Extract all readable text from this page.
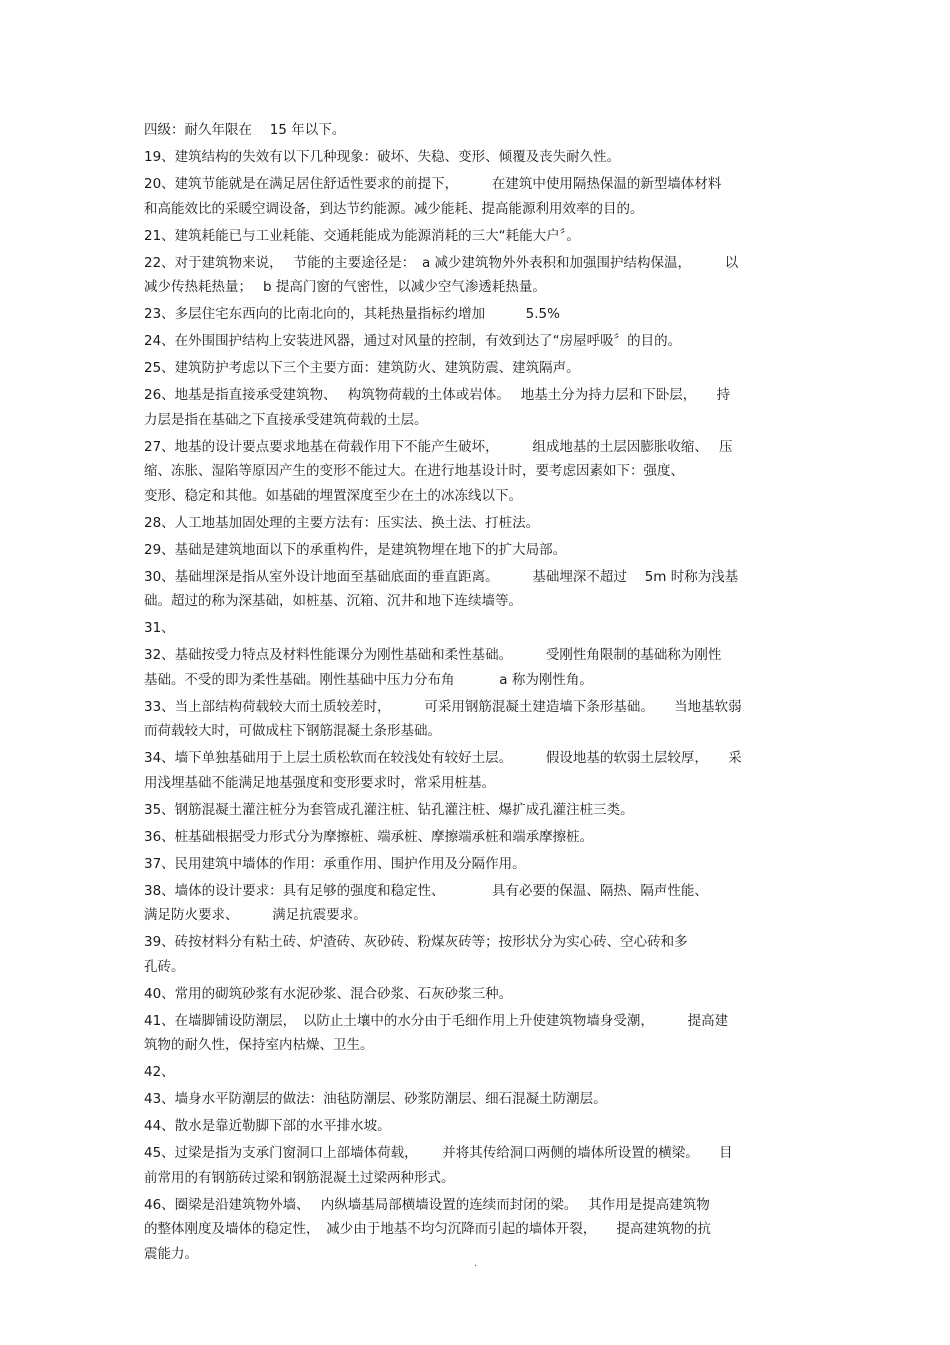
四级：耐久年限在　 15 年以下。
19、建筑结构的失效有以下几种现象：破坏、失稳、变形、倾覆及丧失耐久性。
20、建筑节能就是在满足居住舒适性要求的前提下，　　　在建筑中使用隔热保温的新型墙体材料
和高能效比的采暖空调设备，到达节约能源。减少能耗、提高能源利用效率的目的。
21、建筑耗能已与工业耗能、交通耗能成为能源消耗的三大“耗能大户〞。
22、对于建筑物来说，　 节能的主要途径是：　a 减少建筑物外外表积和加强围护结构保温，　　　以
减少传热耗热量；　 b 提高门窗的气密性，以减少空气渗透耗热量。
23、多层住宅东西向的比南北向的，其耗热量指标约增加　　　5.5%
24、在外围围护结构上安装进风器，通过对风量的控制，有效到达了“房屋呼吸〞的目的。
25、建筑防护考虑以下三个主要方面：建筑防火、建筑防震、建筑隔声。
26、地基是指直接承受建筑物、　 构筑物荷载的土体或岩体。　 地基土分为持力层和下卧层，　　持
力层是指在基础之下直接承受建筑荷载的土层。
27、地基的设计要点要求地基在荷载作用下不能产生破坏，　　　组成地基的土层因膨胀收缩、　 压
缩、冻胀、湿陷等原因产生的变形不能过大。在进行地基设计时，要考虑因素如下：强度、
变形、稳定和其他。如基础的埋置深度至少在土的冰冻线以下。
28、人工地基加固处理的主要方法有：压实法、换土法、打桩法。
29、基础是建筑地面以下的承重构件，是建筑物埋在地下的扩大局部。
30、基础埋深是指从室外设计地面至基础底面的垂直距离。　　　基础埋深不超过　 5m 时称为浅基
础。超过的称为深基础，如桩基、沉箱、沉井和地下连续墙等。
31、
32、基础按受力特点及材料性能课分为刚性基础和柔性基础。　　　受刚性角限制的基础称为刚性
基础。不受的即为柔性基础。刚性基础中压力分布角　　　 a 称为刚性角。
33、当上部结构荷载较大而土质较差时，　　　可采用钢筋混凝土建造墙下条形基础。　　当地基软弱
而荷载较大时，可做成柱下钢筋混凝土条形基础。
34、墙下单独基础用于上层土质松软而在较浅处有较好土层。　　　假设地基的软弱土层较厚，　　采
用浅埋基础不能满足地基强度和变形要求时，常采用桩基。
35、钢筋混凝土灌注桩分为套管成孔灌注桩、钻孔灌注桩、爆扩成孔灌注桩三类。
36、桩基础根据受力形式分为摩擦桩、端承桩、摩擦端承桩和端承摩擦桩。
37、民用建筑中墙体的作用：承重作用、围护作用及分隔作用。
38、墙体的设计要求：具有足够的强度和稳定性、　　　　具有必要的保温、隔热、隔声性能、
满足防火要求、　　　满足抗震要求。
39、砖按材料分有粘土砖、炉渣砖、灰砂砖、粉煤灰砖等；按形状分为实心砖、空心砖和多
孔砖。
40、常用的砌筑砂浆有水泥砂浆、混合砂浆、石灰砂浆三种。
41、在墙脚铺设防潮层，　以防止土壤中的水分由于毛细作用上升使建筑物墙身受潮，　　　提高建
筑物的耐久性，保持室内枯燥、卫生。
42、
43、墙身水平防潮层的做法：油毡防潮层、砂浆防潮层、细石混凝土防潮层。
44、散水是靠近勒脚下部的水平排水坡。
45、过梁是指为支承门窗洞口上部墙体荷载，　　 并将其传给洞口两侧的墙体所设置的横梁。　　目
前常用的有钢筋砖过梁和钢筋混凝土过梁两种形式。
46、圈梁是沿建筑物外墙、　 内纵墙基局部横墙设置的连续而封闭的梁。　 其作用是提高建筑物
的整体刚度及墙体的稳定性，　减少由于地基不均匀沉降而引起的墙体开裂，　　提高建筑物的抗
震能力。
.
